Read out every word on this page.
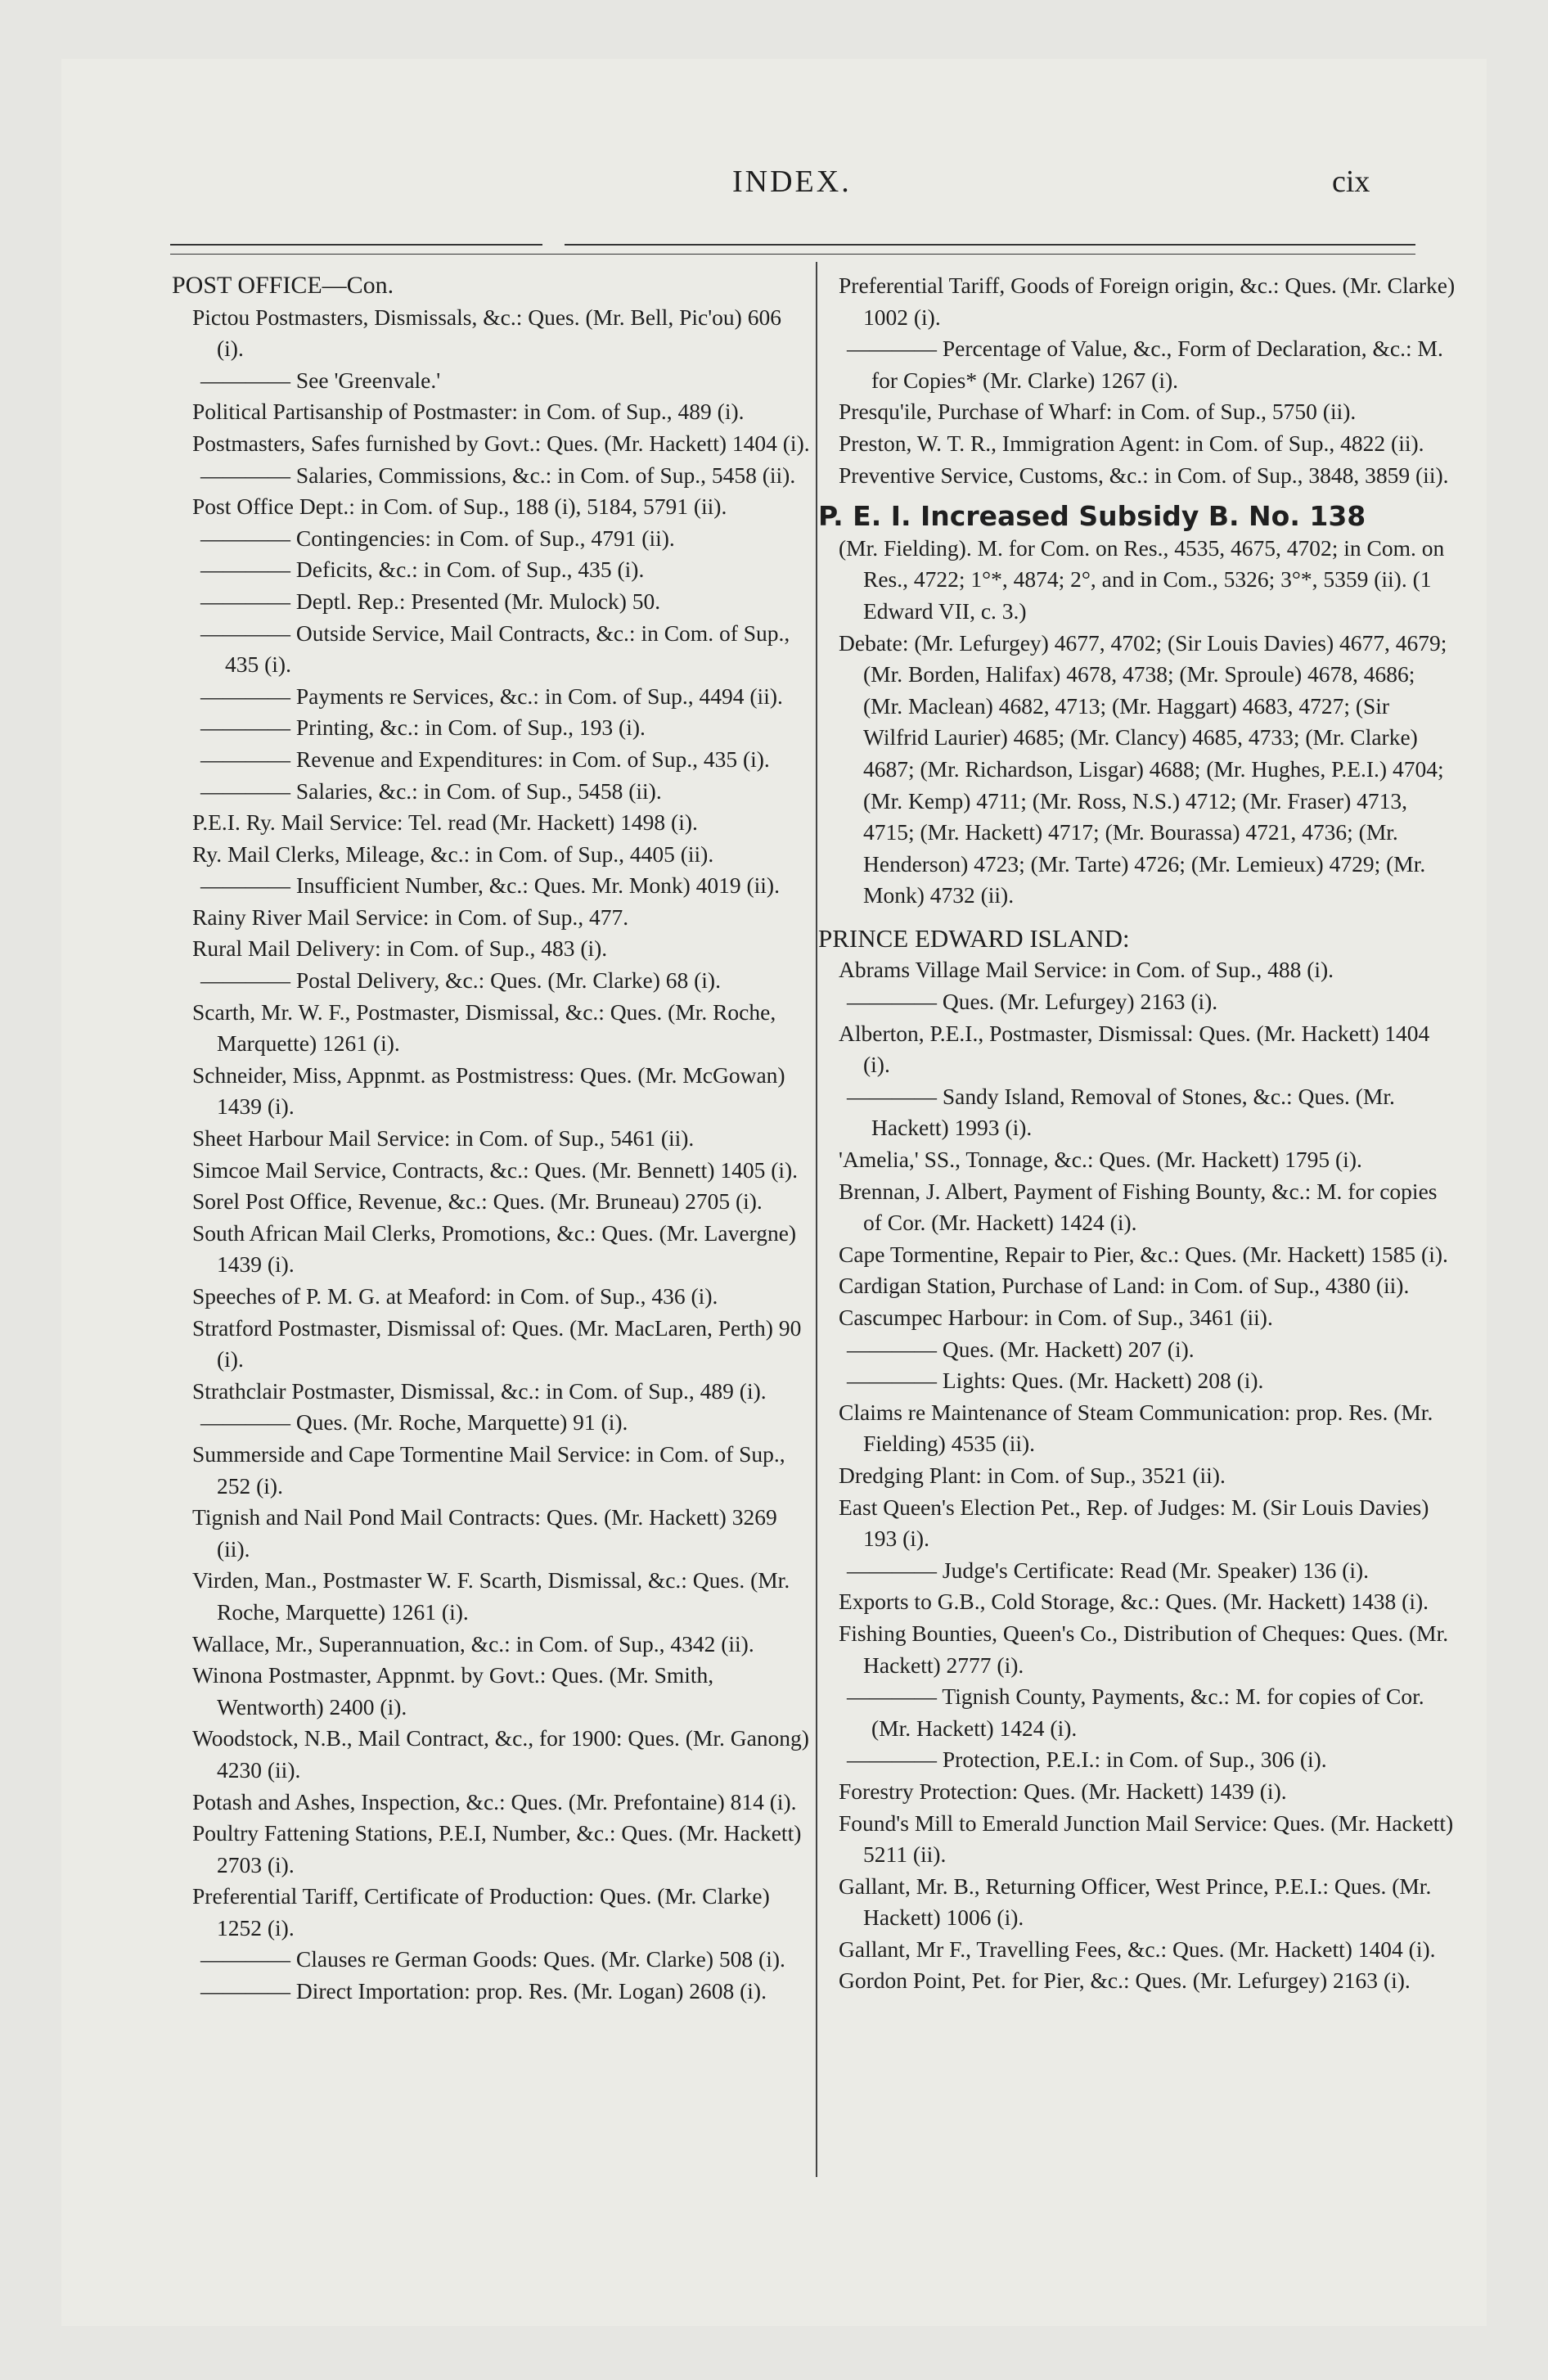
INDEX.	cix

POST OFFICE—Con.

Pictou Postmasters, Dismissals, &c.: Ques. (Mr. Bell, Pic'ou) 606 (i).

———— See 'Greenvale.'

Political Partisanship of Postmaster: in Com. of Sup., 489 (i).

Postmasters, Safes furnished by Govt.: Ques. (Mr. Hackett) 1404 (i).

———— Salaries, Commissions, &c.: in Com. of Sup., 5458 (ii).

Post Office Dept.: in Com. of Sup., 188 (i), 5184, 5791 (ii).

———— Contingencies: in Com. of Sup., 4791 (ii).

———— Deficits, &c.: in Com. of Sup., 435 (i).

———— Deptl. Rep.: Presented (Mr. Mulock) 50.

———— Outside Service, Mail Contracts, &c.: in Com. of Sup., 435 (i).

———— Payments re Services, &c.: in Com. of Sup., 4494 (ii).

———— Printing, &c.: in Com. of Sup., 193 (i).

———— Revenue and Expenditures: in Com. of Sup., 435 (i).

———— Salaries, &c.: in Com. of Sup., 5458 (ii).

P.E.I. Ry. Mail Service: Tel. read (Mr. Hackett) 1498 (i).

Ry. Mail Clerks, Mileage, &c.: in Com. of Sup., 4405 (ii).

———— Insufficient Number, &c.: Ques. Mr. Monk) 4019 (ii).

Rainy River Mail Service: in Com. of Sup., 477.

Rural Mail Delivery: in Com. of Sup., 483 (i).

———— Postal Delivery, &c.: Ques. (Mr. Clarke) 68 (i).

Scarth, Mr. W. F., Postmaster, Dismissal, &c.: Ques. (Mr. Roche, Marquette) 1261 (i).

Schneider, Miss, Appnmt. as Postmistress: Ques. (Mr. McGowan) 1439 (i).

Sheet Harbour Mail Service: in Com. of Sup., 5461 (ii).

Simcoe Mail Service, Contracts, &c.: Ques. (Mr. Bennett) 1405 (i).

Sorel Post Office, Revenue, &c.: Ques. (Mr. Bruneau) 2705 (i).

South African Mail Clerks, Promotions, &c.: Ques. (Mr. Lavergne) 1439 (i).

Speeches of P. M. G. at Meaford: in Com. of Sup., 436 (i).

Stratford Postmaster, Dismissal of: Ques. (Mr. MacLaren, Perth) 90 (i).

Strathclair Postmaster, Dismissal, &c.: in Com. of Sup., 489 (i).

———— Ques. (Mr. Roche, Marquette) 91 (i).

Summerside and Cape Tormentine Mail Service: in Com. of Sup., 252 (i).

Tignish and Nail Pond Mail Contracts: Ques. (Mr. Hackett) 3269 (ii).

Virden, Man., Postmaster W. F. Scarth, Dismissal, &c.: Ques. (Mr. Roche, Marquette) 1261 (i).

Wallace, Mr., Superannuation, &c.: in Com. of Sup., 4342 (ii).

Winona Postmaster, Appnmt. by Govt.: Ques. (Mr. Smith, Wentworth) 2400 (i).

Woodstock, N.B., Mail Contract, &c., for 1900: Ques. (Mr. Ganong) 4230 (ii).

Potash and Ashes, Inspection, &c.: Ques. (Mr. Prefontaine) 814 (i).

Poultry Fattening Stations, P.E.I, Number, &c.: Ques. (Mr. Hackett) 2703 (i).

Preferential Tariff, Certificate of Production: Ques. (Mr. Clarke) 1252 (i).

———— Clauses re German Goods: Ques. (Mr. Clarke) 508 (i).

———— Direct Importation: prop. Res. (Mr. Logan) 2608 (i).

Preferential Tariff, Goods of Foreign origin, &c.: Ques. (Mr. Clarke) 1002 (i).

———— Percentage of Value, &c., Form of Declaration, &c.: M. for Copies* (Mr. Clarke) 1267 (i).

Presqu'ile, Purchase of Wharf: in Com. of Sup., 5750 (ii).

Preston, W. T. R., Immigration Agent: in Com. of Sup., 4822 (ii).

Preventive Service, Customs, &c.: in Com. of Sup., 3848, 3859 (ii).

P. E. I. Increased Subsidy B. No. 138

(Mr. Fielding). M. for Com. on Res., 4535, 4675, 4702; in Com. on Res., 4722; 1°*, 4874; 2°, and in Com., 5326; 3°*, 5359 (ii). (1 Edward VII, c. 3.)

Debate: (Mr. Lefurgey) 4677, 4702; (Sir Louis Davies) 4677, 4679; (Mr. Borden, Halifax) 4678, 4738; (Mr. Sproule) 4678, 4686; (Mr. Maclean) 4682, 4713; (Mr. Haggart) 4683, 4727; (Sir Wilfrid Laurier) 4685; (Mr. Clancy) 4685, 4733; (Mr. Clarke) 4687; (Mr. Richardson, Lisgar) 4688; (Mr. Hughes, P.E.I.) 4704; (Mr. Kemp) 4711; (Mr. Ross, N.S.) 4712; (Mr. Fraser) 4713, 4715; (Mr. Hackett) 4717; (Mr. Bourassa) 4721, 4736; (Mr. Henderson) 4723; (Mr. Tarte) 4726; (Mr. Lemieux) 4729; (Mr. Monk) 4732 (ii).

PRINCE EDWARD ISLAND:

Abrams Village Mail Service: in Com. of Sup., 488 (i).

———— Ques. (Mr. Lefurgey) 2163 (i).

Alberton, P.E.I., Postmaster, Dismissal: Ques. (Mr. Hackett) 1404 (i).

———— Sandy Island, Removal of Stones, &c.: Ques. (Mr. Hackett) 1993 (i).

'Amelia,' SS., Tonnage, &c.: Ques. (Mr. Hackett) 1795 (i).

Brennan, J. Albert, Payment of Fishing Bounty, &c.: M. for copies of Cor. (Mr. Hackett) 1424 (i).

Cape Tormentine, Repair to Pier, &c.: Ques. (Mr. Hackett) 1585 (i).

Cardigan Station, Purchase of Land: in Com. of Sup., 4380 (ii).

Cascumpec Harbour: in Com. of Sup., 3461 (ii).

———— Ques. (Mr. Hackett) 207 (i).

———— Lights: Ques. (Mr. Hackett) 208 (i).

Claims re Maintenance of Steam Communication: prop. Res. (Mr. Fielding) 4535 (ii).

Dredging Plant: in Com. of Sup., 3521 (ii).

East Queen's Election Pet., Rep. of Judges: M. (Sir Louis Davies) 193 (i).

———— Judge's Certificate: Read (Mr. Speaker) 136 (i).

Exports to G.B., Cold Storage, &c.: Ques. (Mr. Hackett) 1438 (i).

Fishing Bounties, Queen's Co., Distribution of Cheques: Ques. (Mr. Hackett) 2777 (i).

———— Tignish County, Payments, &c.: M. for copies of Cor. (Mr. Hackett) 1424 (i).

———— Protection, P.E.I.: in Com. of Sup., 306 (i).

Forestry Protection: Ques. (Mr. Hackett) 1439 (i).

Found's Mill to Emerald Junction Mail Service: Ques. (Mr. Hackett) 5211 (ii).

Gallant, Mr. B., Returning Officer, West Prince, P.E.I.: Ques. (Mr. Hackett) 1006 (i).

Gallant, Mr F., Travelling Fees, &c.: Ques. (Mr. Hackett) 1404 (i).

Gordon Point, Pet. for Pier, &c.: Ques. (Mr. Lefurgey) 2163 (i).
